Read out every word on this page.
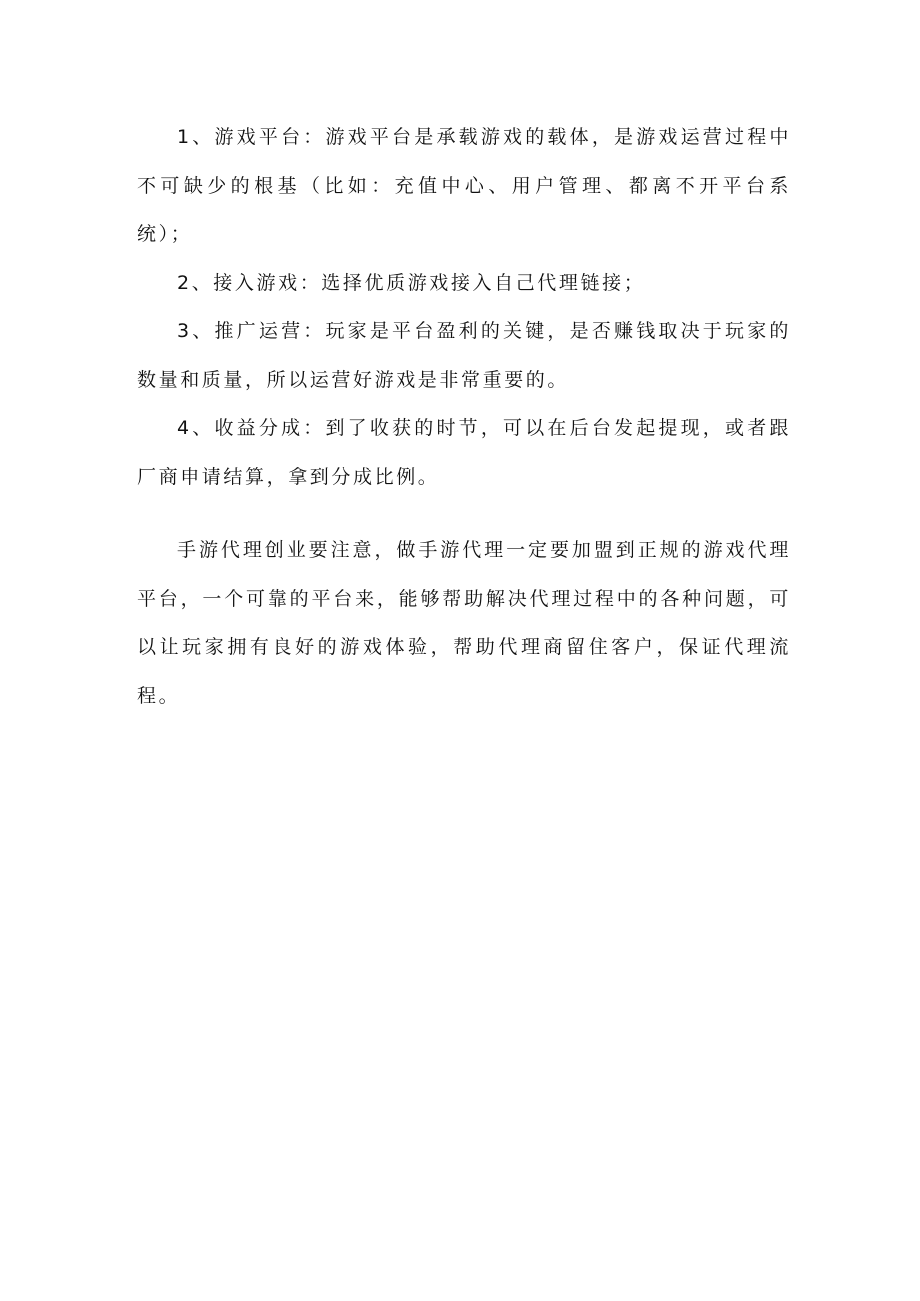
1、游戏平台：游戏平台是承载游戏的载体，是游戏运营过程中不可缺少的根基（比如：充值中心、用户管理、都离不开平台系统）；

2、接入游戏：选择优质游戏接入自己代理链接；

3、推广运营：玩家是平台盈利的关键，是否赚钱取决于玩家的数量和质量，所以运营好游戏是非常重要的。

4、收益分成：到了收获的时节，可以在后台发起提现，或者跟厂商申请结算，拿到分成比例。

手游代理创业要注意，做手游代理一定要加盟到正规的游戏代理平台，一个可靠的平台来，能够帮助解决代理过程中的各种问题，可以让玩家拥有良好的游戏体验，帮助代理商留住客户，保证代理流程。
